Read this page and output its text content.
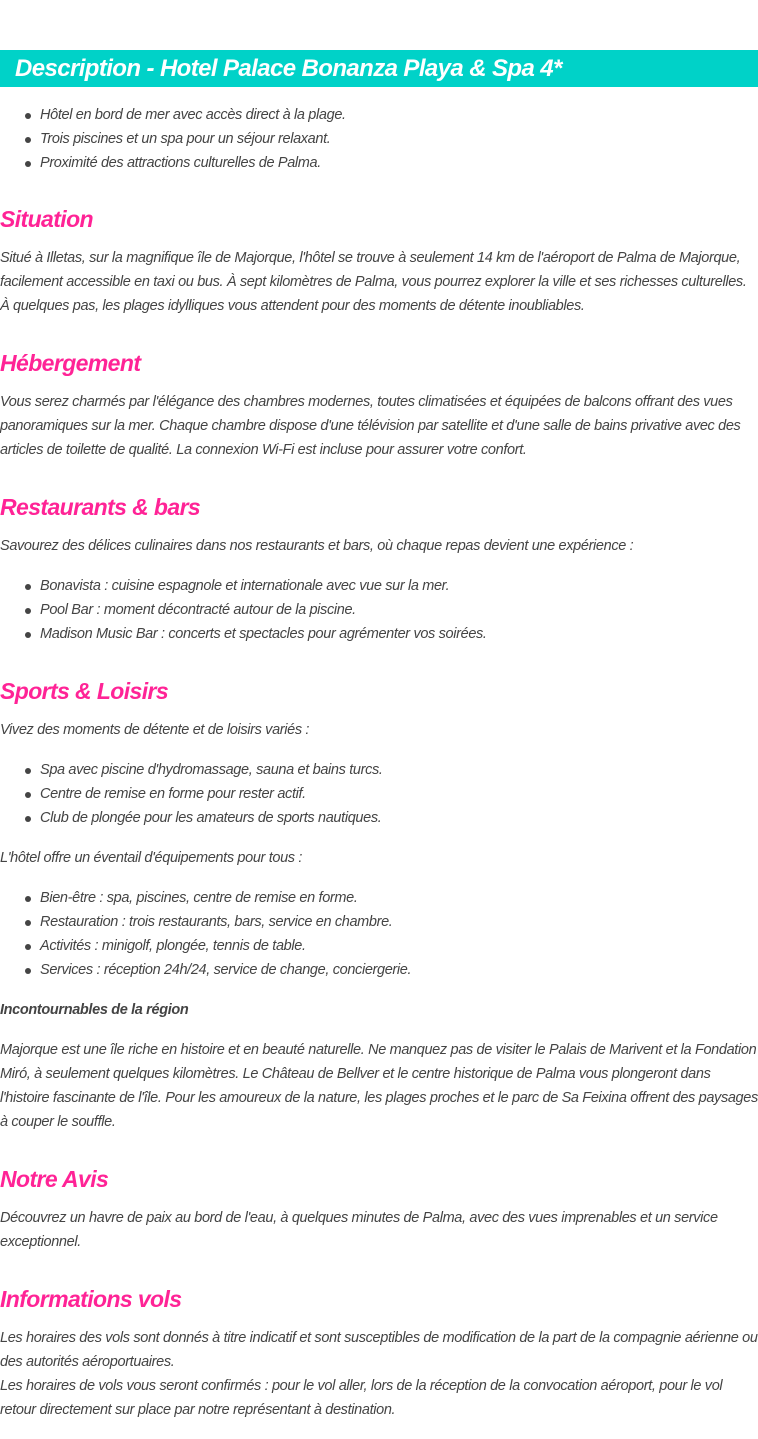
Description - Hotel Palace Bonanza Playa & Spa 4*
Hôtel en bord de mer avec accès direct à la plage.
Trois piscines et un spa pour un séjour relaxant.
Proximité des attractions culturelles de Palma.
Situation

Situé à Illetas, sur la magnifique île de Majorque, l'hôtel se trouve à seulement 14 km de l'aéroport de Palma de Majorque, facilement accessible en taxi ou bus. À sept kilomètres de Palma, vous pourrez explorer la ville et ses richesses culturelles. À quelques pas, les plages idylliques vous attendent pour des moments de détente inoubliables.

Hébergement

Vous serez charmés par l'élégance des chambres modernes, toutes climatisées et équipées de balcons offrant des vues panoramiques sur la mer. Chaque chambre dispose d'une télévision par satellite et d'une salle de bains privative avec des articles de toilette de qualité. La connexion Wi-Fi est incluse pour assurer votre confort.

Restaurants & bars

Savourez des délices culinaires dans nos restaurants et bars, où chaque repas devient une expérience :

Bonavista : cuisine espagnole et internationale avec vue sur la mer.
Pool Bar : moment décontracté autour de la piscine.
Madison Music Bar : concerts et spectacles pour agrémenter vos soirées.
Sports & Loisirs

Vivez des moments de détente et de loisirs variés :

Spa avec piscine d'hydromassage, sauna et bains turcs.
Centre de remise en forme pour rester actif.
Club de plongée pour les amateurs de sports nautiques.

L'hôtel offre un éventail d'équipements pour tous :

Bien-être : spa, piscines, centre de remise en forme.
Restauration : trois restaurants, bars, service en chambre.
Activités : minigolf, plongée, tennis de table.
Services : réception 24h/24, service de change, conciergerie.

Incontournables de la région

Majorque est une île riche en histoire et en beauté naturelle. Ne manquez pas de visiter le Palais de Marivent et la Fondation Miró, à seulement quelques kilomètres. Le Château de Bellver et le centre historique de Palma vous plongeront dans l'histoire fascinante de l'île. Pour les amoureux de la nature, les plages proches et le parc de Sa Feixina offrent des paysages à couper le souffle.

Notre Avis

Découvrez un havre de paix au bord de l'eau, à quelques minutes de Palma, avec des vues imprenables et un service exceptionnel.

Informations vols

Les horaires des vols sont donnés à titre indicatif et sont susceptibles de modification de la part de la compagnie aérienne ou des autorités aéroportuaires.

Les horaires de vols vous seront confirmés : pour le vol aller, lors de la réception de la convocation aéroport, pour le vol retour directement sur place par notre représentant à destination.
